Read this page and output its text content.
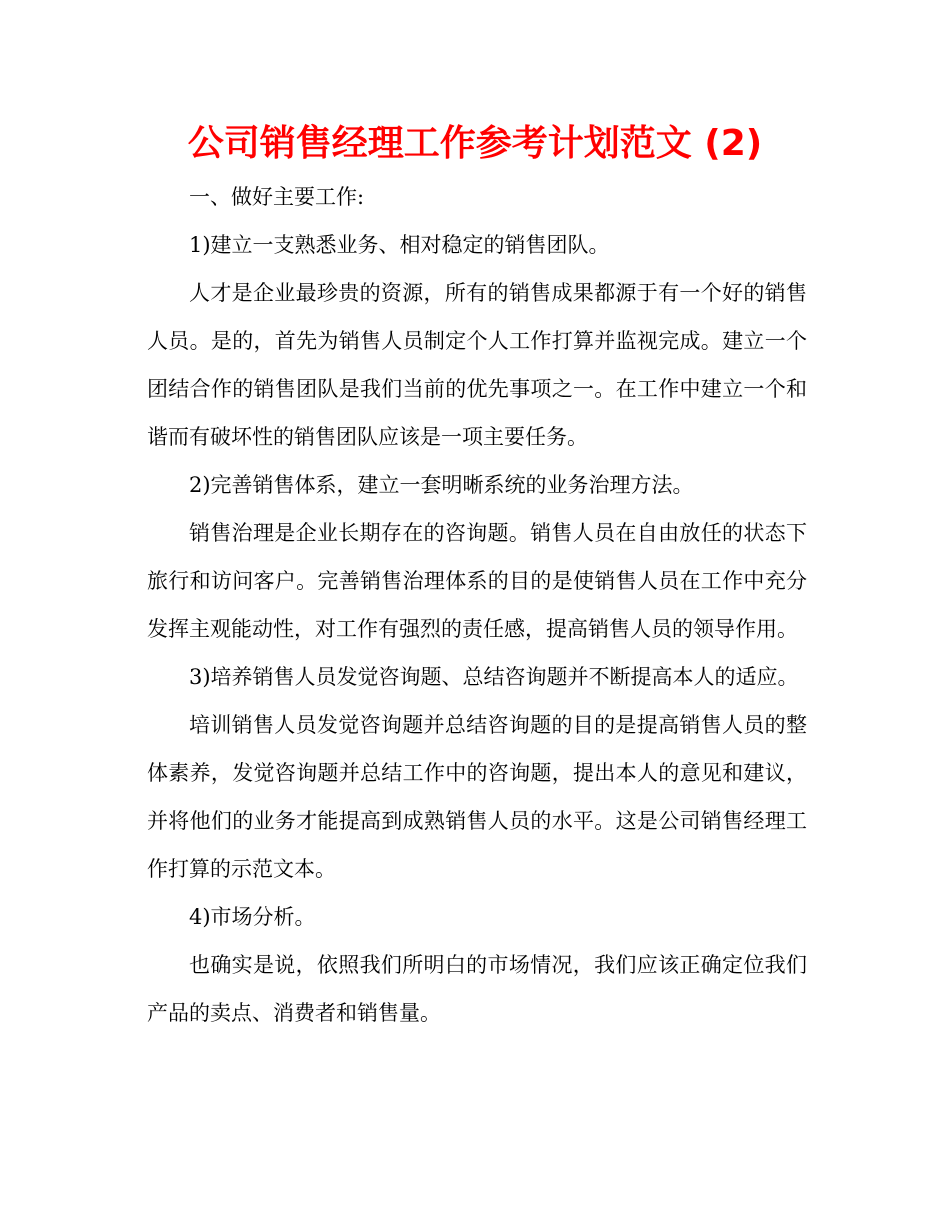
公司销售经理工作参考计划范文 (2)

一、做好主要工作:

1)建立一支熟悉业务、相对稳定的销售团队。

人才是企业最珍贵的资源，所有的销售成果都源于有一个好的销售人员。是的，首先为销售人员制定个人工作打算并监视完成。建立一个团结合作的销售团队是我们当前的优先事项之一。在工作中建立一个和谐而有破坏性的销售团队应该是一项主要任务。

2)完善销售体系，建立一套明晰系统的业务治理方法。

销售治理是企业长期存在的咨询题。销售人员在自由放任的状态下旅行和访问客户。完善销售治理体系的目的是使销售人员在工作中充分发挥主观能动性，对工作有强烈的责任感，提高销售人员的领导作用。

3)培养销售人员发觉咨询题、总结咨询题并不断提高本人的适应。

培训销售人员发觉咨询题并总结咨询题的目的是提高销售人员的整体素养，发觉咨询题并总结工作中的咨询题，提出本人的意见和建议，并将他们的业务才能提高到成熟销售人员的水平。这是公司销售经理工作打算的示范文本。

4)市场分析。

也确实是说，依照我们所明白的市场情况，我们应该正确定位我们产品的卖点、消费者和销售量。
